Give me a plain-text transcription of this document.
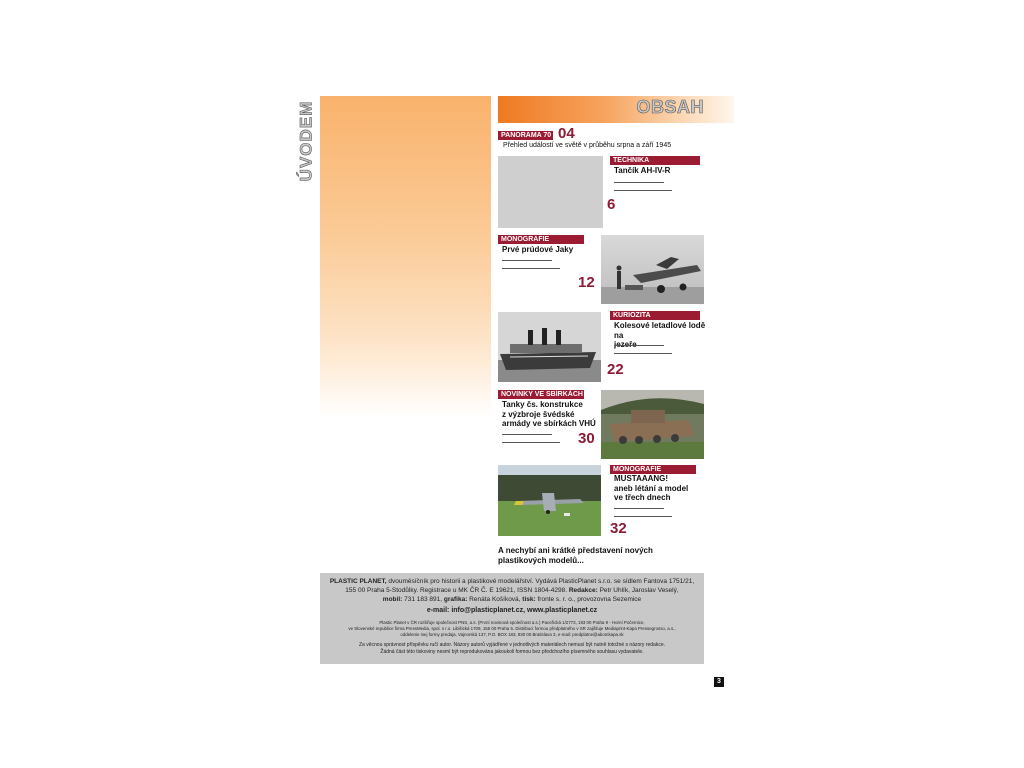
ÚVODEM	OBSAH
PANORAMA 70 04
Přehled událostí ve světě v průběhu srpna a září 1945
TECHNIKA
Tančík AH-IV-R
6
MONOGRAFIE
Prvé prúdové Jaky
12
KURIOZITA
Kolesové letadlové lodě na
22
NOVINKY VE SBÍRKÁCH
Tanky čs. konstrukce
z výzbroje švédské
armády ve sbírkách VHÚ
30
MONOGRAFIE
MUSTAAANG!
aneb létání a model
ve třech dnech
32
A nechybí ani krátké představení nových
plastikových modelů...
PLASTIC PLANET, dvouměsíčník pro historii a plastikové modelářství. Vydává PlasticPlanet s.r.o. se sídlem Fantova 1751/21,
155 00 Praha 5-Stodůlky. Registrace u MK ČR Č. E 19621, ISSN 1804-4298. Redakce: Petr Uhlík, Jaroslav Veselý,
mobil: 731 183 891, grafika: Renáta Košíková, tisk: fronte s. r. o., provozovna Sezemice
e-mail: info@plasticplanet.cz, www.plasticplanet.cz
Plastic Planet v ČR rozšiřuje společnost PNS, a.s. (První novinová společnost a.s.) Paceřická 1/2773, 193 00 Praha 9 - Horní Počernice,
ve Slovenské republice firma PressMedia, spol. s r.o. Libišická 1709, 155 00 Praha 5. Distribuci formou předplatného v SR zajišťuje Mediaprint-Kapa Pressegrosso, a.s.,
oddelenie inej formy predaja, Vajnorská 137, P.O. BOX 183, 830 00 Bratislava 3, e-mail: predplatne@abomkapa.sk
Za věcnou správnost příspěvku ručí autor. Názory autorů vyjádřené v jednotlivých materiálech nemusí být nutně totožné s názory redakce.
Žádná část této tiskoviny nesmí být reprodukována jakoukoli formou bez předchozího písemného souhlasu vydavatele.
3
